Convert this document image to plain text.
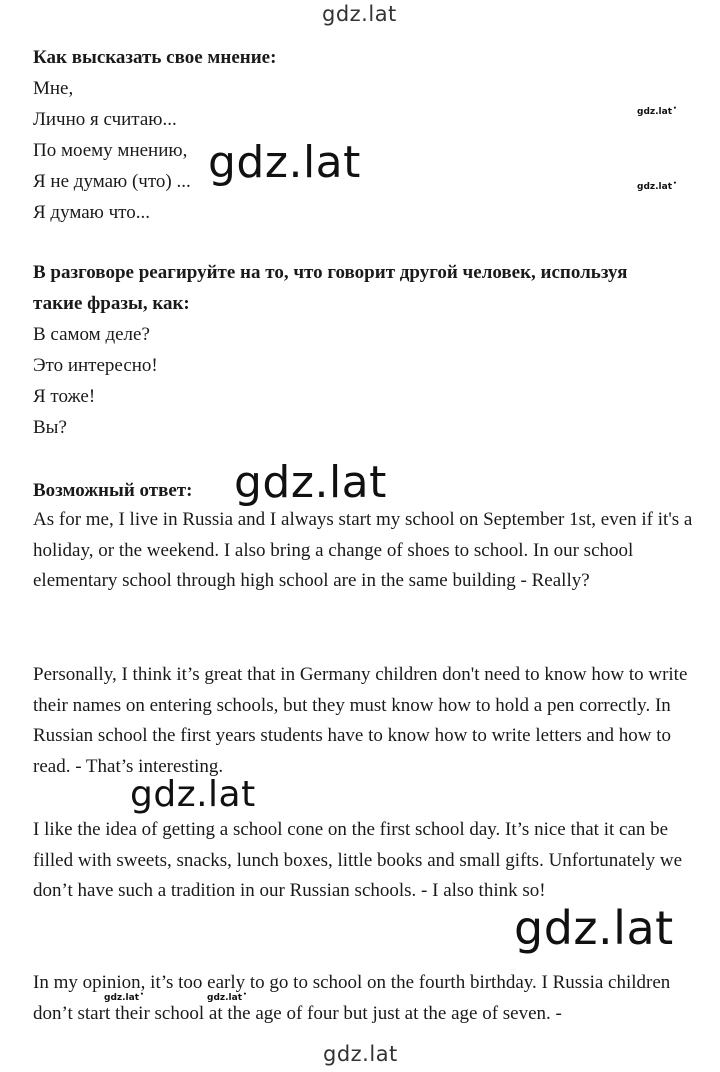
gdz.lat
Как высказать свое мнение:
Мне,
Лично я считаю...
По моему мнению,
Я не думаю (что) ...
Я думаю что...
В разговоре реагируйте на то, что говорит другой человек, используя
такие фразы, как:
В самом деле?
Это интересно!
Я тоже!
Вы?
Возможный ответ:
As for me, I live in Russia and I always start my school on September 1st, even if it's a holiday, or the weekend. I also bring a change of shoes to school. In our school elementary school through high school are in the same building - Really?
Personally, I think it’s great that in Germany children don't need to know how to write their names on entering schools, but they must know how to hold a pen correctly. In Russian school the first years students have to know how to write letters and how to read. - That’s interesting.
I like the idea of getting a school cone on the first school day. It’s nice that it can be filled with sweets, snacks, lunch boxes, little books and small gifts. Unfortunately we don’t have such a tradition in our Russian schools. - I also think so!
In my opinion, it’s too early to go to school on the fourth birthday. I Russia children don’t start their school at the age of four but just at the age of seven. -
gdz.lat •
gdz.lat •
gdz.lat
gdz.lat
gdz.lat
gdz.lat
gdz.lat •	gdz.lat •
gdz.lat
